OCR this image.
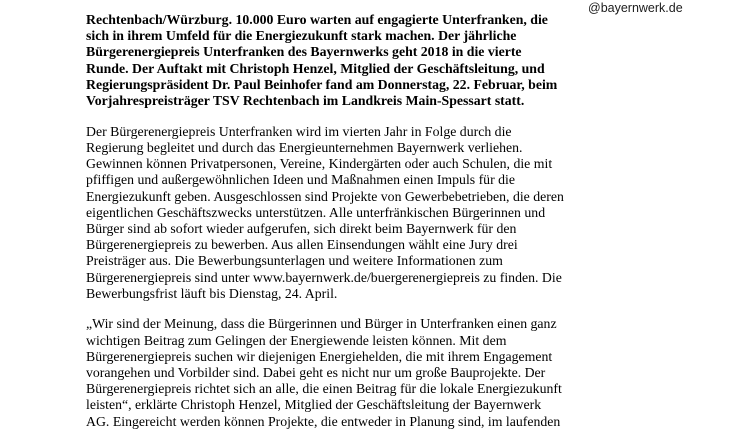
@bayernwerk.de

Rechtenbach/Würzburg. 10.000 Euro warten auf engagierte Unterfranken, die
sich in ihrem Umfeld für die Energiezukunft stark machen. Der jährliche
Bürgerenergiepreis Unterfranken des Bayernwerks geht 2018 in die vierte
Runde. Der Auftakt mit Christoph Henzel, Mitglied der Geschäftsleitung, und
Regierungspräsident Dr. Paul Beinhofer fand am Donnerstag, 22. Februar, beim
Vorjahrespreisträger TSV Rechtenbach im Landkreis Main-Spessart statt.

Der Bürgerenergiepreis Unterfranken wird im vierten Jahr in Folge durch die
Regierung begleitet und durch das Energieunternehmen Bayernwerk verliehen.
Gewinnen können Privatpersonen, Vereine, Kindergärten oder auch Schulen, die mit
pfiffigen und außergewöhnlichen Ideen und Maßnahmen einen Impuls für die
Energiezukunft geben. Ausgeschlossen sind Projekte von Gewerbebetrieben, die deren
eigentlichen Geschäftszwecks unterstützen. Alle unterfränkischen Bürgerinnen und
Bürger sind ab sofort wieder aufgerufen, sich direkt beim Bayernwerk für den
Bürgerenergiepreis zu bewerben. Aus allen Einsendungen wählt eine Jury drei
Preisträger aus. Die Bewerbungsunterlagen und weitere Informationen zum
Bürgerenergiepreis sind unter www.bayernwerk.de/buergerenergiepreis zu finden. Die
Bewerbungsfrist läuft bis Dienstag, 24. April.

„Wir sind der Meinung, dass die Bürgerinnen und Bürger in Unterfranken einen ganz
wichtigen Beitrag zum Gelingen der Energiewende leisten können. Mit dem
Bürgerenergiepreis suchen wir diejenigen Energiehelden, die mit ihrem Engagement
vorangehen und Vorbilder sind. Dabei geht es nicht nur um große Bauprojekte. Der
Bürgerenergiepreis richtet sich an alle, die einen Beitrag für die lokale Energiezukunft
leisten“, erklärte Christoph Henzel, Mitglied der Geschäftsleitung der Bayernwerk
AG. Eingereicht werden können Projekte, die entweder in Planung sind, im laufenden
